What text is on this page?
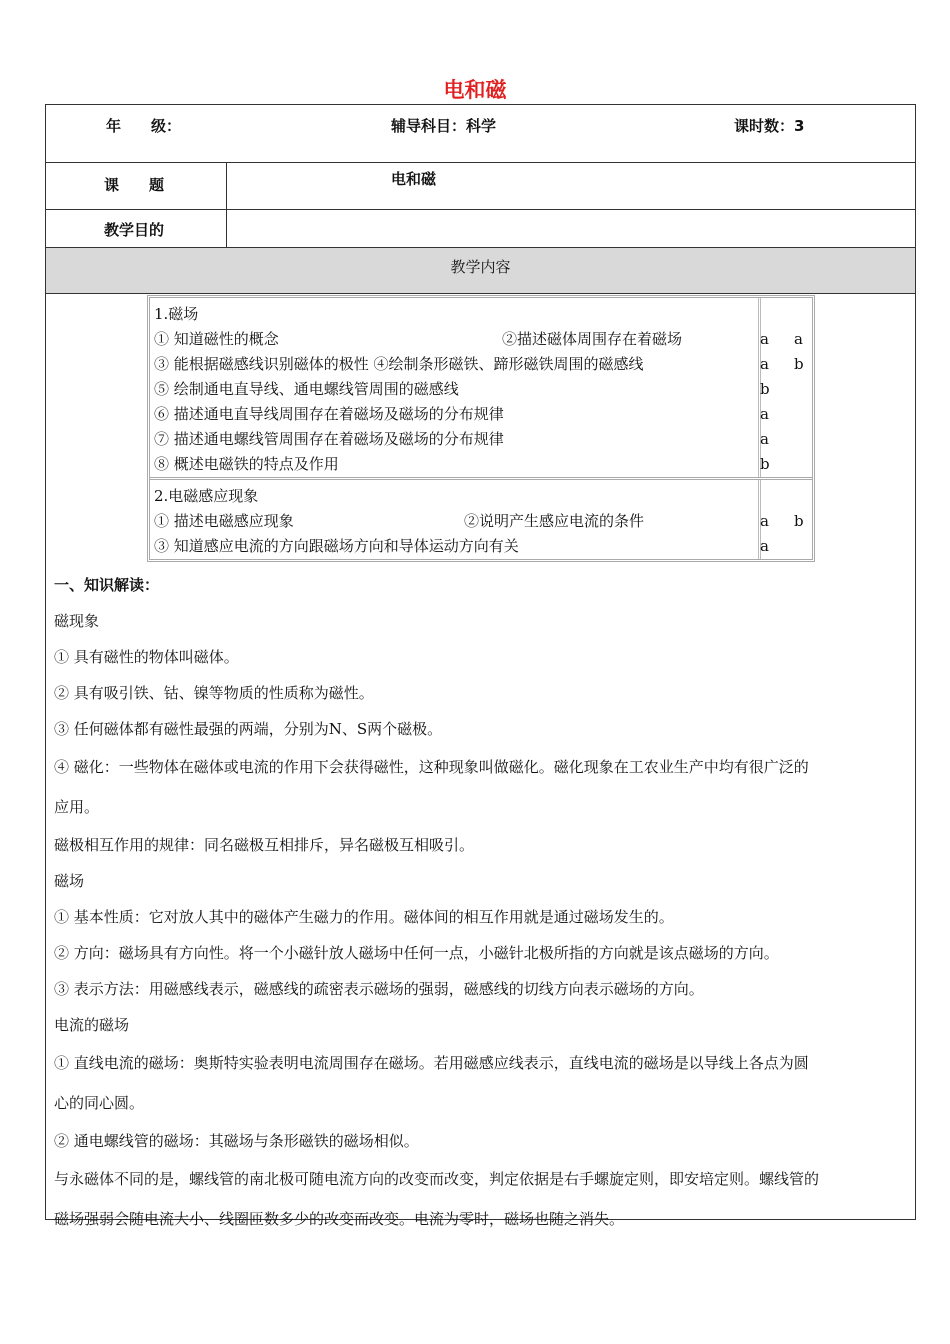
电和磁
年　　级：	辅导科目：科学	课时数：3
课　　题	电和磁
教学目的
教学内容
1.磁场
① 知道磁性的概念	②描述磁体周围存在着磁场	a a
③ 能根据磁感线识别磁体的极性 ④绘制条形磁铁、蹄形磁铁周围的磁感线	a b
⑤ 绘制通电直导线、通电螺线管周围的磁感线	b
⑥ 描述通电直导线周围存在着磁场及磁场的分布规律	a
⑦ 描述通电螺线管周围存在着磁场及磁场的分布规律	a
⑧ 概述电磁铁的特点及作用	b
2.电磁感应现象
① 描述电磁感应现象	②说明产生感应电流的条件	a b
③ 知道感应电流的方向跟磁场方向和导体运动方向有关	a

一、知识解读：

磁现象

① 具有磁性的物体叫磁体。

② 具有吸引铁、钴、镍等物质的性质称为磁性。

③ 任何磁体都有磁性最强的两端，分别为N、S两个磁极。

④ 磁化：一些物体在磁体或电流的作用下会获得磁性，这种现象叫做磁化。磁化现象在工农业生产中均有很广泛的

应用。

磁极相互作用的规律：同名磁极互相排斥，异名磁极互相吸引。

磁场

① 基本性质：它对放人其中的磁体产生磁力的作用。磁体间的相互作用就是通过磁场发生的。

② 方向：磁场具有方向性。将一个小磁针放人磁场中任何一点，小磁针北极所指的方向就是该点磁场的方向。

③ 表示方法：用磁感线表示，磁感线的疏密表示磁场的强弱，磁感线的切线方向表示磁场的方向。

电流的磁场

① 直线电流的磁场：奥斯特实验表明电流周围存在磁场。若用磁感应线表示，直线电流的磁场是以导线上各点为圆

心的同心圆。

② 通电螺线管的磁场：其磁场与条形磁铁的磁场相似。

与永磁体不同的是，螺线管的南北极可随电流方向的改变而改变，判定依据是右手螺旋定则，即安培定则。螺线管的

磁场强弱会随电流大小、线圈匝数多少的改变而改变。电流为零时，磁场也随之消失。
